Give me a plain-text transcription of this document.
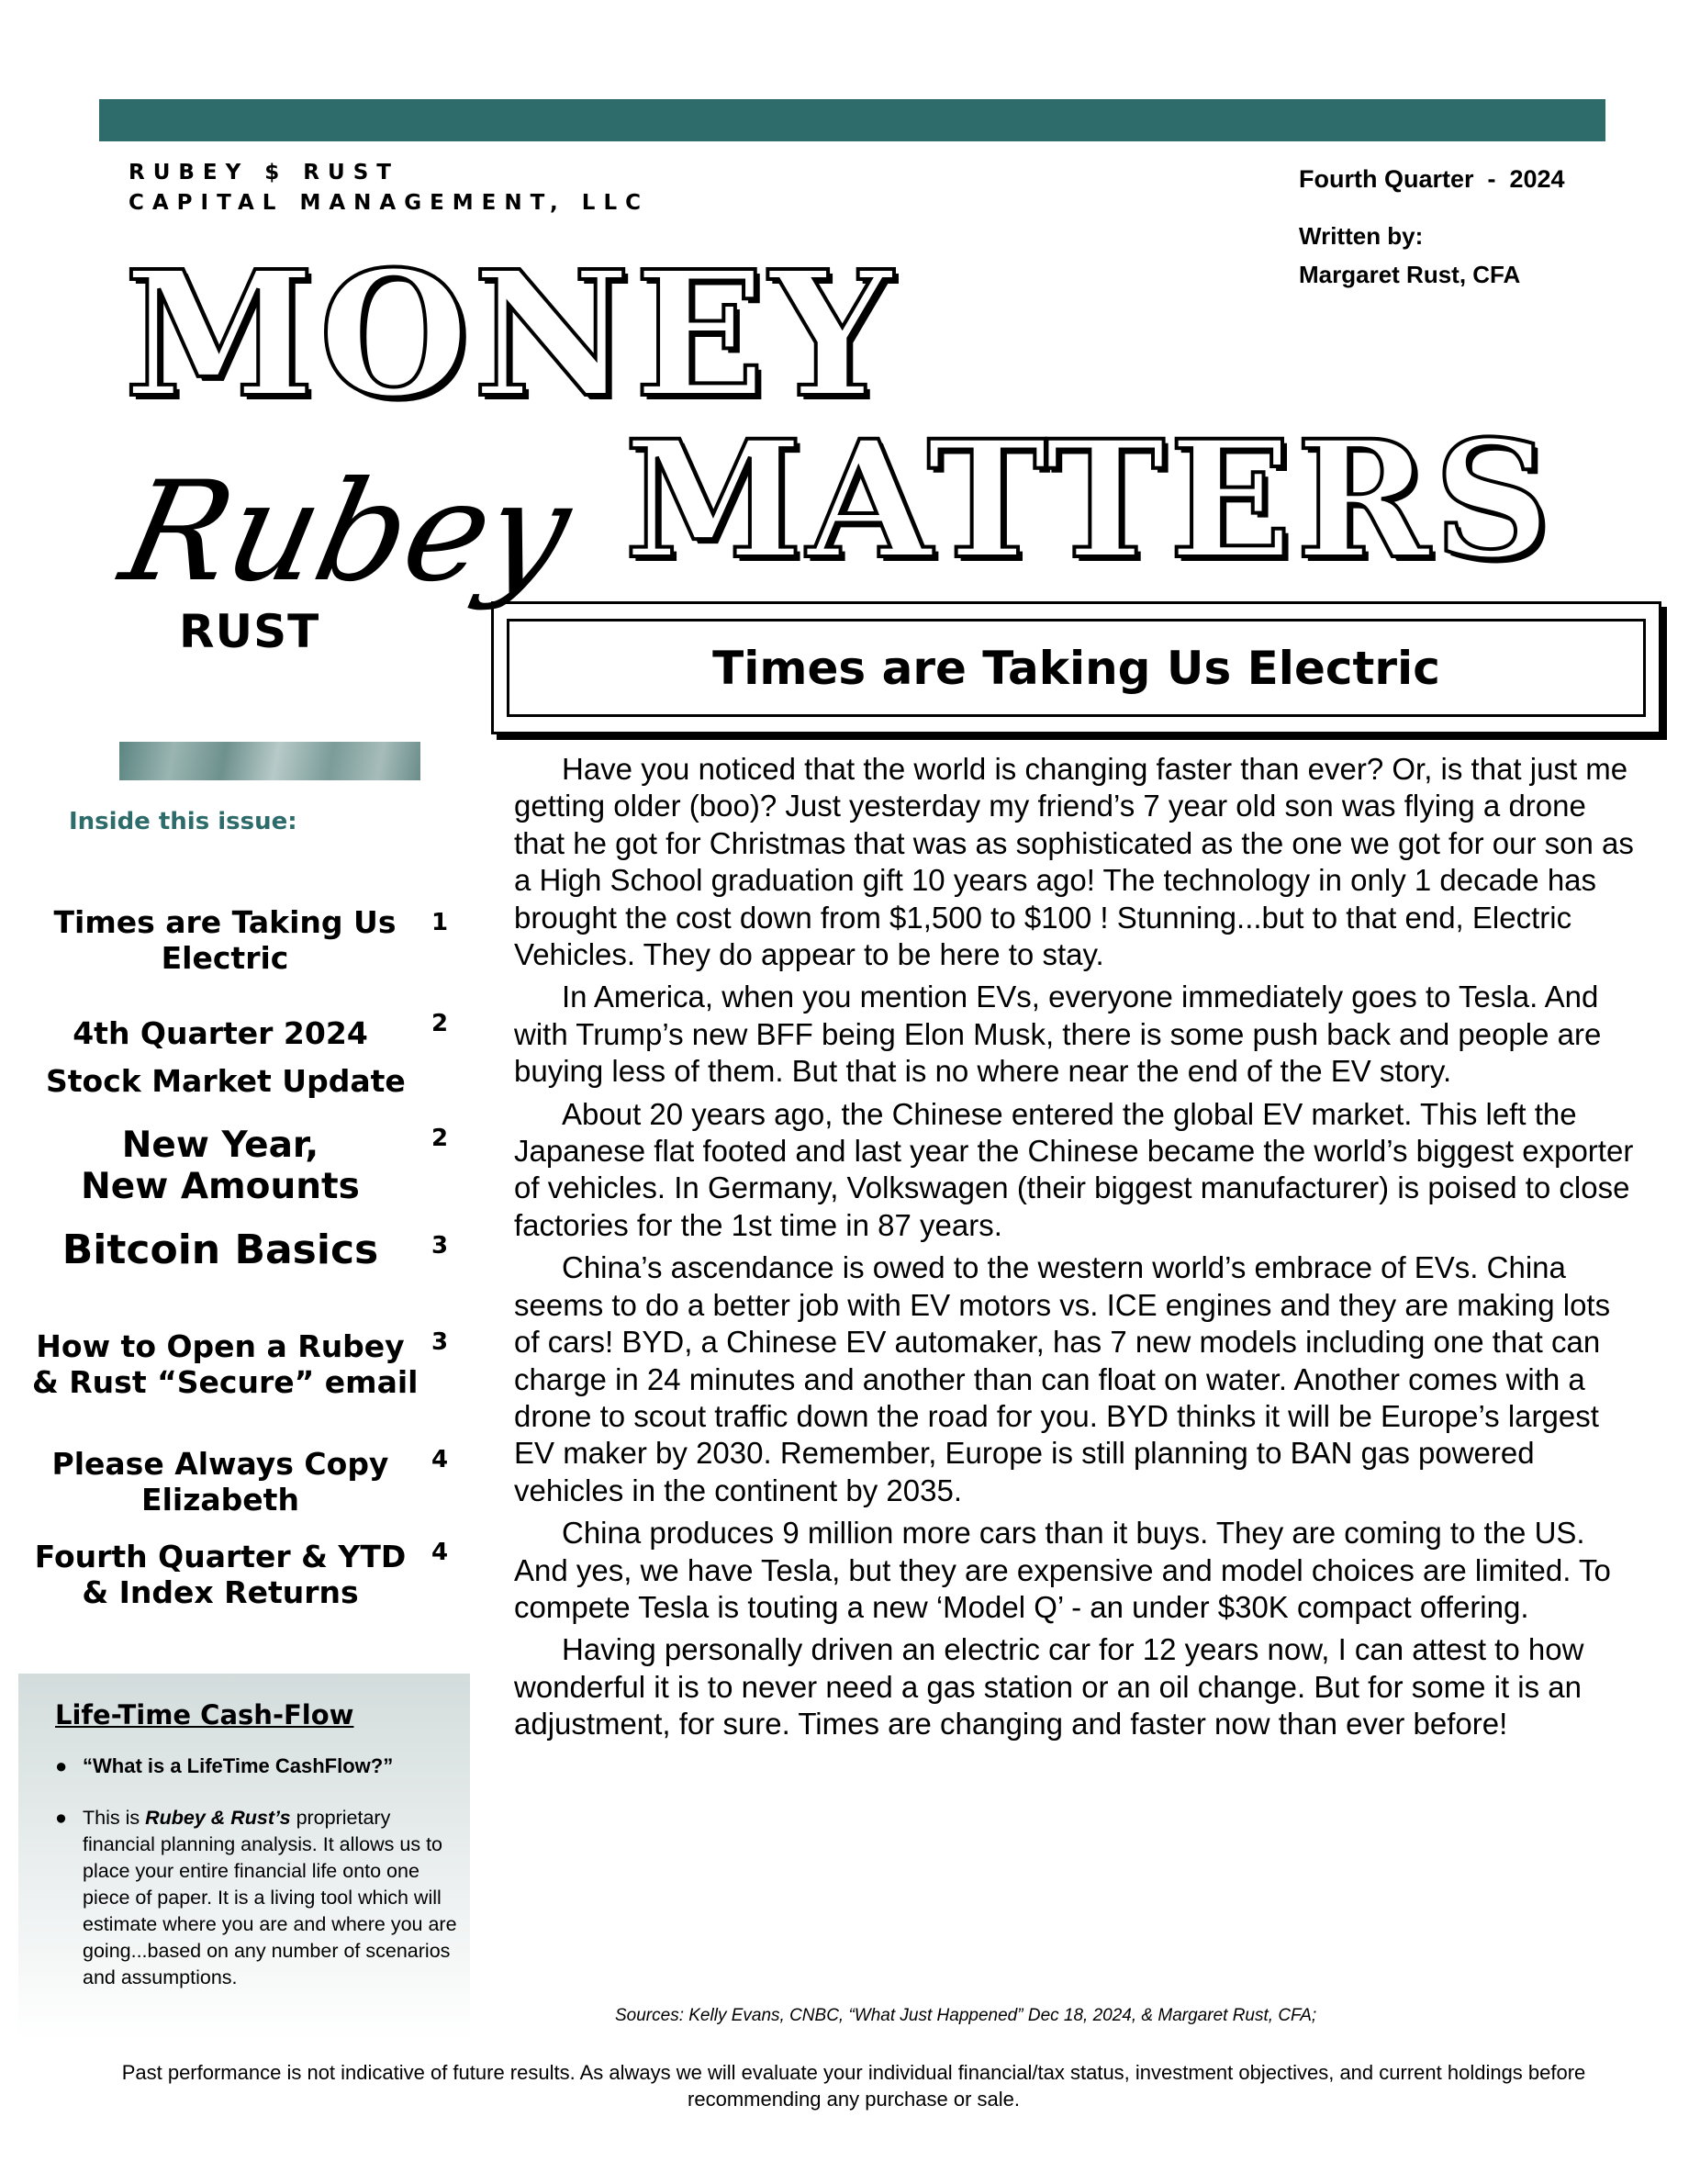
RUBEY $ RUST
CAPITAL MANAGEMENT, LLC
Fourth Quarter  -  2024
Written by:
Margaret Rust, CFA
MONEY
MATTERS
Rubey
RUST
Times are Taking Us Electric
Inside this issue:
Times are Taking Us
Electric
1
4th Quarter 2024
Stock Market Update
2
New Year,
New Amounts
2
Bitcoin Basics	3
How to Open a Rubey
& Rust “Secure” email
3
Please Always Copy
Elizabeth
4
Fourth Quarter & YTD
& Index Returns
4
Life-Time Cash-Flow
● “What is a LifeTime CashFlow?”
● This is Rubey & Rust’s proprietary financial planning analysis. It allows us to place your entire financial life onto one piece of paper. It is a living tool which will estimate where you are and where you are going...based on any number of scenarios and assumptions.

Have you noticed that the world is changing faster than ever? Or, is that just me getting older (boo)? Just yesterday my friend’s 7 year old son was flying a drone that he got for Christmas that was as sophisticated as the one we got for our son as a High School graduation gift 10 years ago! The technology in only 1 decade has brought the cost down from $1,500 to $100 ! Stunning...but to that end, Electric Vehicles. They do appear to be here to stay.

In America, when you mention EVs, everyone immediately goes to Tesla. And with Trump’s new BFF being Elon Musk, there is some push back and people are buying less of them. But that is no where near the end of the EV story.

About 20 years ago, the Chinese entered the global EV market. This left the Japanese flat footed and last year the Chinese became the world’s biggest exporter of vehicles. In Germany, Volkswagen (their biggest manufacturer) is poised to close factories for the 1st time in 87 years.

China’s ascendance is owed to the western world’s embrace of EVs. China seems to do a better job with EV motors vs. ICE engines and they are making lots of cars! BYD, a Chinese EV automaker, has 7 new models including one that can charge in 24 minutes and another than can float on water. Another comes with a drone to scout traffic down the road for you. BYD thinks it will be Europe’s largest EV maker by 2030. Remember, Europe is still planning to BAN gas powered vehicles in the continent by 2035.

China produces 9 million more cars than it buys. They are coming to the US. And yes, we have Tesla, but they are expensive and model choices are limited. To compete Tesla is touting a new ‘Model Q’ - an under $30K compact offering.

Having personally driven an electric car for 12 years now, I can attest to how wonderful it is to never need a gas station or an oil change. But for some it is an adjustment, for sure. Times are changing and faster now than ever before!

Sources: Kelly Evans, CNBC, “What Just Happened” Dec 18, 2024, & Margaret Rust, CFA;
Past performance is not indicative of future results. As always we will evaluate your individual financial/tax status, investment objectives, and current holdings before recommending any purchase or sale.
